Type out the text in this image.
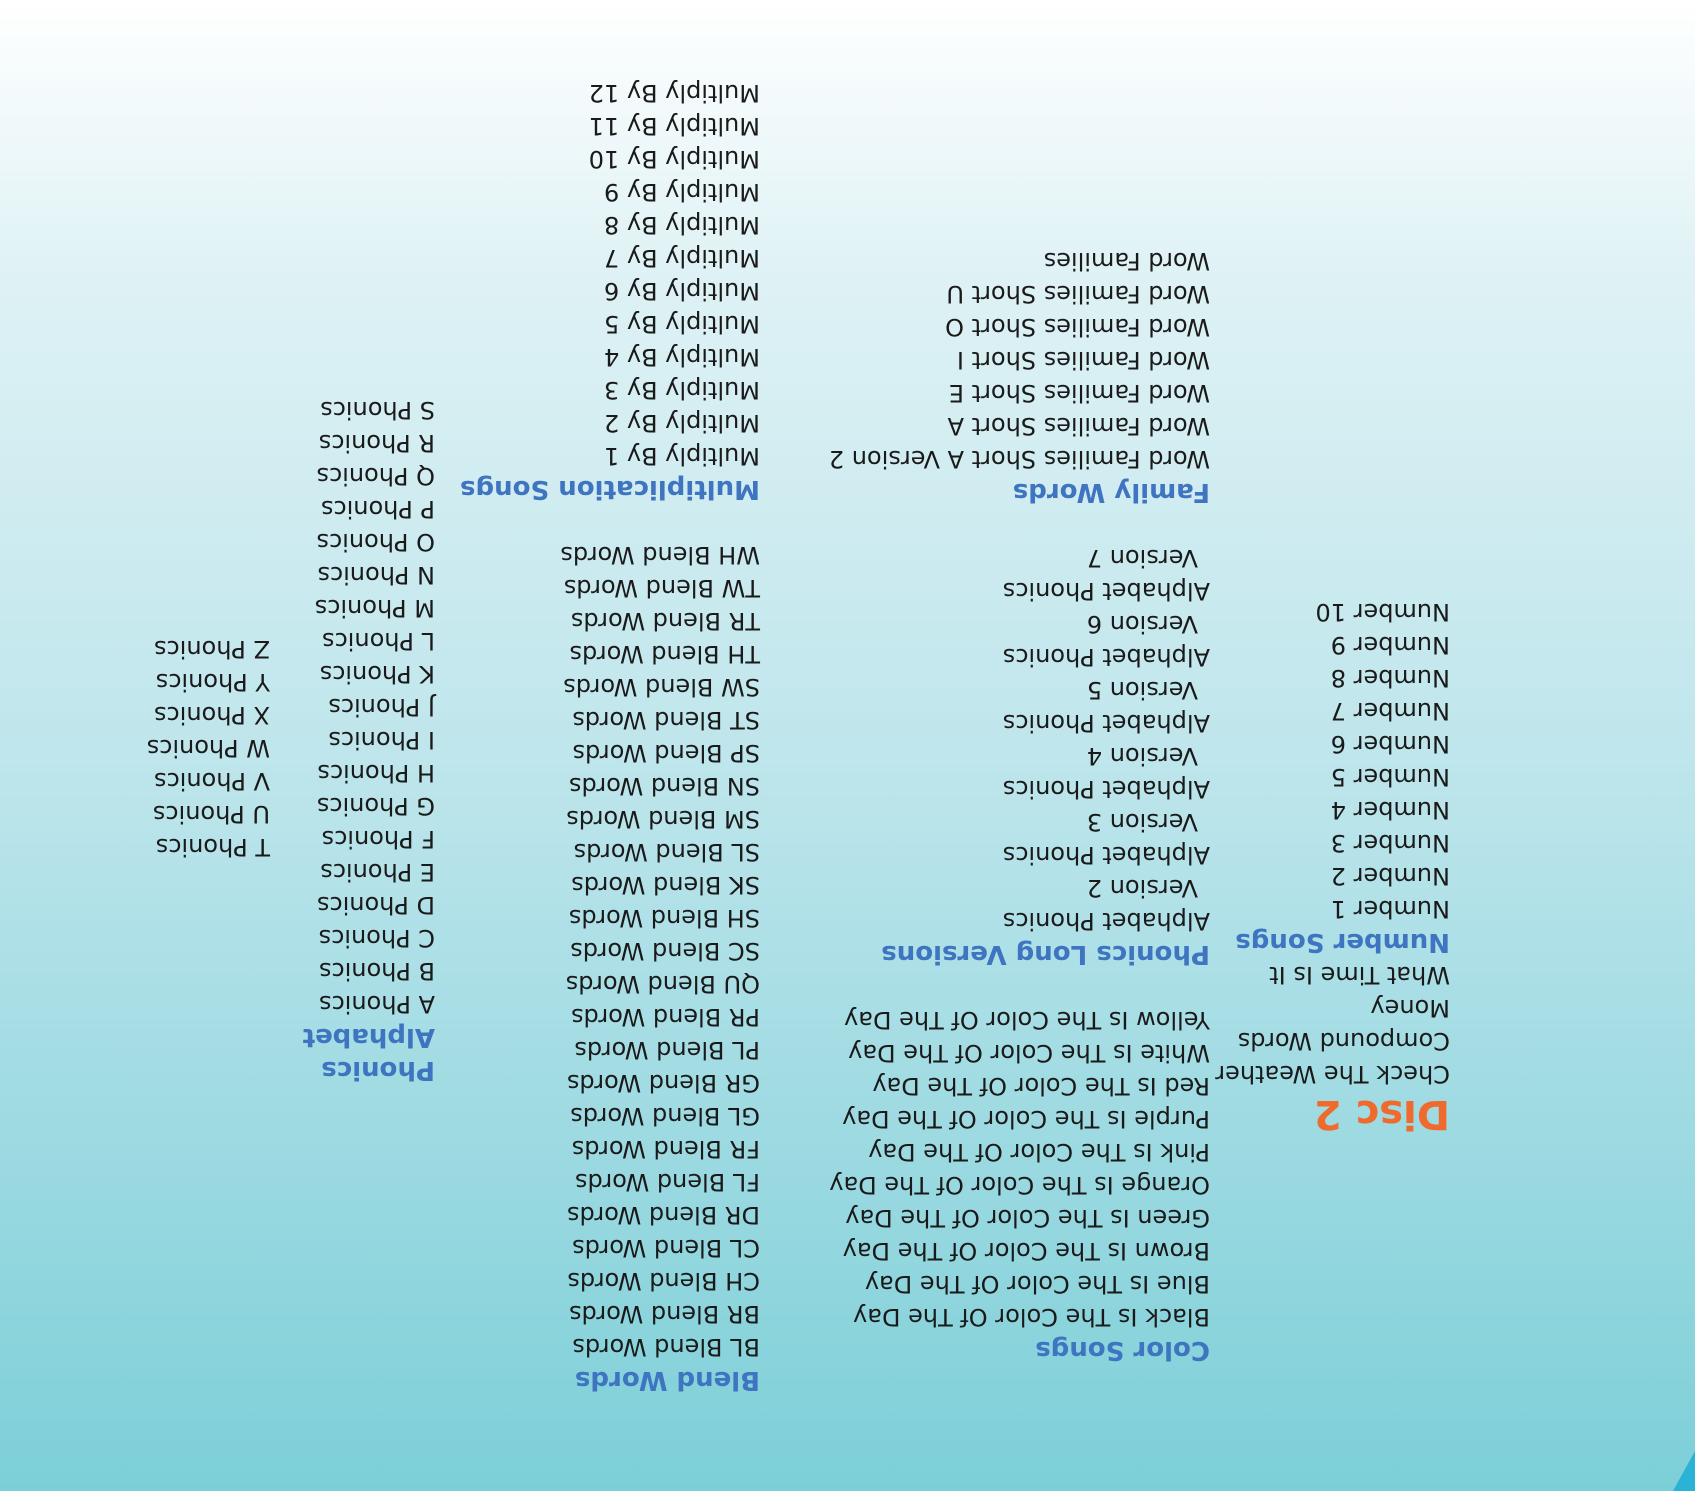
Disc 2
Check The Weather
Compound Words
Money
What Time Is It
Number Songs
Number 1
Number 2
Number 3
Number 4
Number 5
Number 6
Number 7
Number 8
Number 9
Number 10
Color Songs
Black Is The Color Of The Day
Blue Is The Color Of The Day
Brown Is The Color Of The Day
Green Is The Color Of The Day
Orange Is The Color Of The Day
Pink Is The Color Of The Day
Purple Is The Color Of The Day
Red Is The Color Of The Day
White Is The Color Of The Day
Yellow Is The Color Of The Day
Phonics Long Versions
Alphabet Phonics
Version 2
Alphabet Phonics
Version 3
Alphabet Phonics
Version 4
Alphabet Phonics
Version 5
Alphabet Phonics
Version 6
Alphabet Phonics
Version 7
Family Words
Word Families Short A Version 2
Word Families Short A
Word Families Short E
Word Families Short I
Word Families Short O
Word Families Short U
Word Families
Blend Words
BL Blend Words
BR Blend Words
CH Blend Words
CL Blend Words
DR Blend Words
FL Blend Words
FR Blend Words
GL Blend Words
GR Blend Words
PL Blend Words
PR Blend Words
QU Blend Words
SC Blend Words
SH Blend Words
SK Blend Words
SL Blend Words
SM Blend Words
SN Blend Words
SP Blend Words
ST Blend Words
SW Blend Words
TH Blend Words
TR Blend Words
TW Blend Words
WH Blend Words
Multiplication Songs
Multiply By 1
Multiply By 2
Multiply By 3
Multiply By 4
Multiply By 5
Multiply By 6
Multiply By 7
Multiply By 8
Multiply By 9
Multiply By 10
Multiply By 11
Multiply By 12
Phonics
Alphabet
A Phonics
B Phonics
C Phonics
D Phonics
E Phonics
F Phonics
G Phonics
H Phonics
I Phonics
J Phonics
K Phonics
L Phonics
M Phonics
N Phonics
O Phonics
P Phonics
Q Phonics
R Phonics
S Phonics
T Phonics
U Phonics
V Phonics
W Phonics
X Phonics
Y Phonics
Z Phonics
